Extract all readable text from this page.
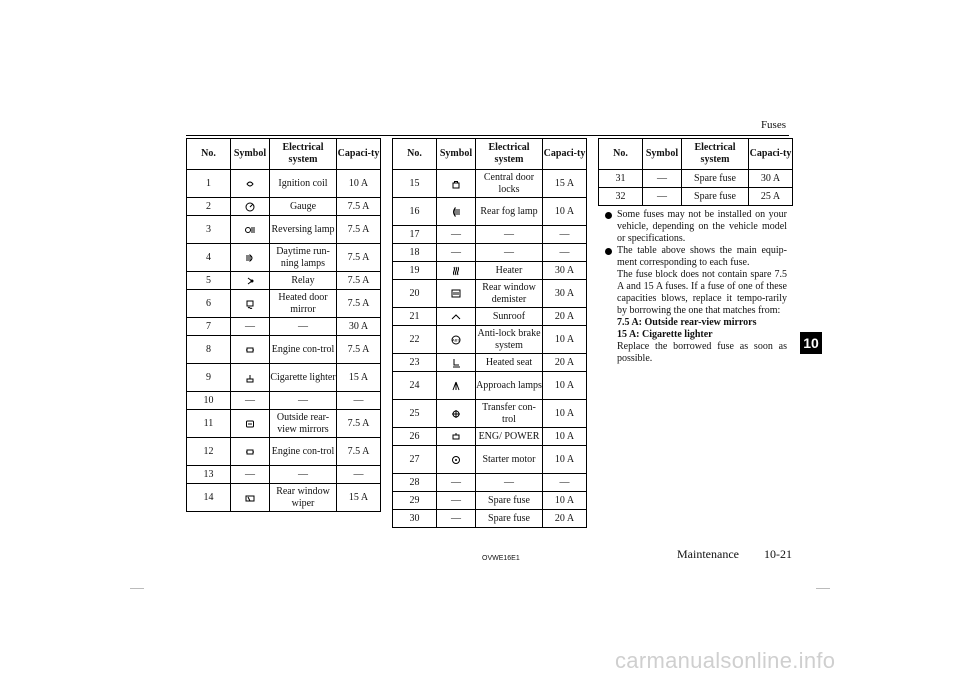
Fuses
No.	Symbol	Electrical system	Capaci-ty
1		Ignition coil	10 A
2		Gauge	7.5 A
3		Reversing lamp	7.5 A
4		Daytime run-ning lamps	7.5 A
5		Relay	7.5 A
6		Heated door mirror	7.5 A
7	—	—	30 A
8		Engine con-trol	7.5 A
9		Cigarette lighter	15 A
10	—	—	—
11		Outside rear-view mirrors	7.5 A
12		Engine con-trol	7.5 A
13	—	—	—
14		Rear window wiper	15 A
No.	Symbol	Electrical system	Capaci-ty
15		Central door locks	15 A
16		Rear fog lamp	10 A
17	—	—	—
18	—	—	—
19		Heater	30 A
20		Rear window demister	30 A
21		Sunroof	20 A
22	ABS	Anti-lock brake system	10 A
23		Heated seat	20 A
24		Approach lamps	10 A
25		Transfer con-trol	10 A
26		ENG/ POWER	10 A
27		Starter motor	10 A
28	—	—	—
29	—	Spare fuse	10 A
30	—	Spare fuse	20 A
No.	Symbol	Electrical system	Capaci-ty
31	—	Spare fuse	30 A
32	—	Spare fuse	25 A

Some fuses may not be installed on your vehicle, depending on the vehicle model or specifications.

The table above shows the main equip-ment corresponding to each fuse.

The fuse block does not contain spare 7.5 A and 15 A fuses. If a fuse of one of these capacities blows, replace it tempo-rarily by borrowing the one that matches from:

7.5 A: Outside rear-view mirrors

15 A: Cigarette lighter

Replace the borrowed fuse as soon as possible.

OVWE16E1	Maintenance	10-21
10
carmanualsonline.info
